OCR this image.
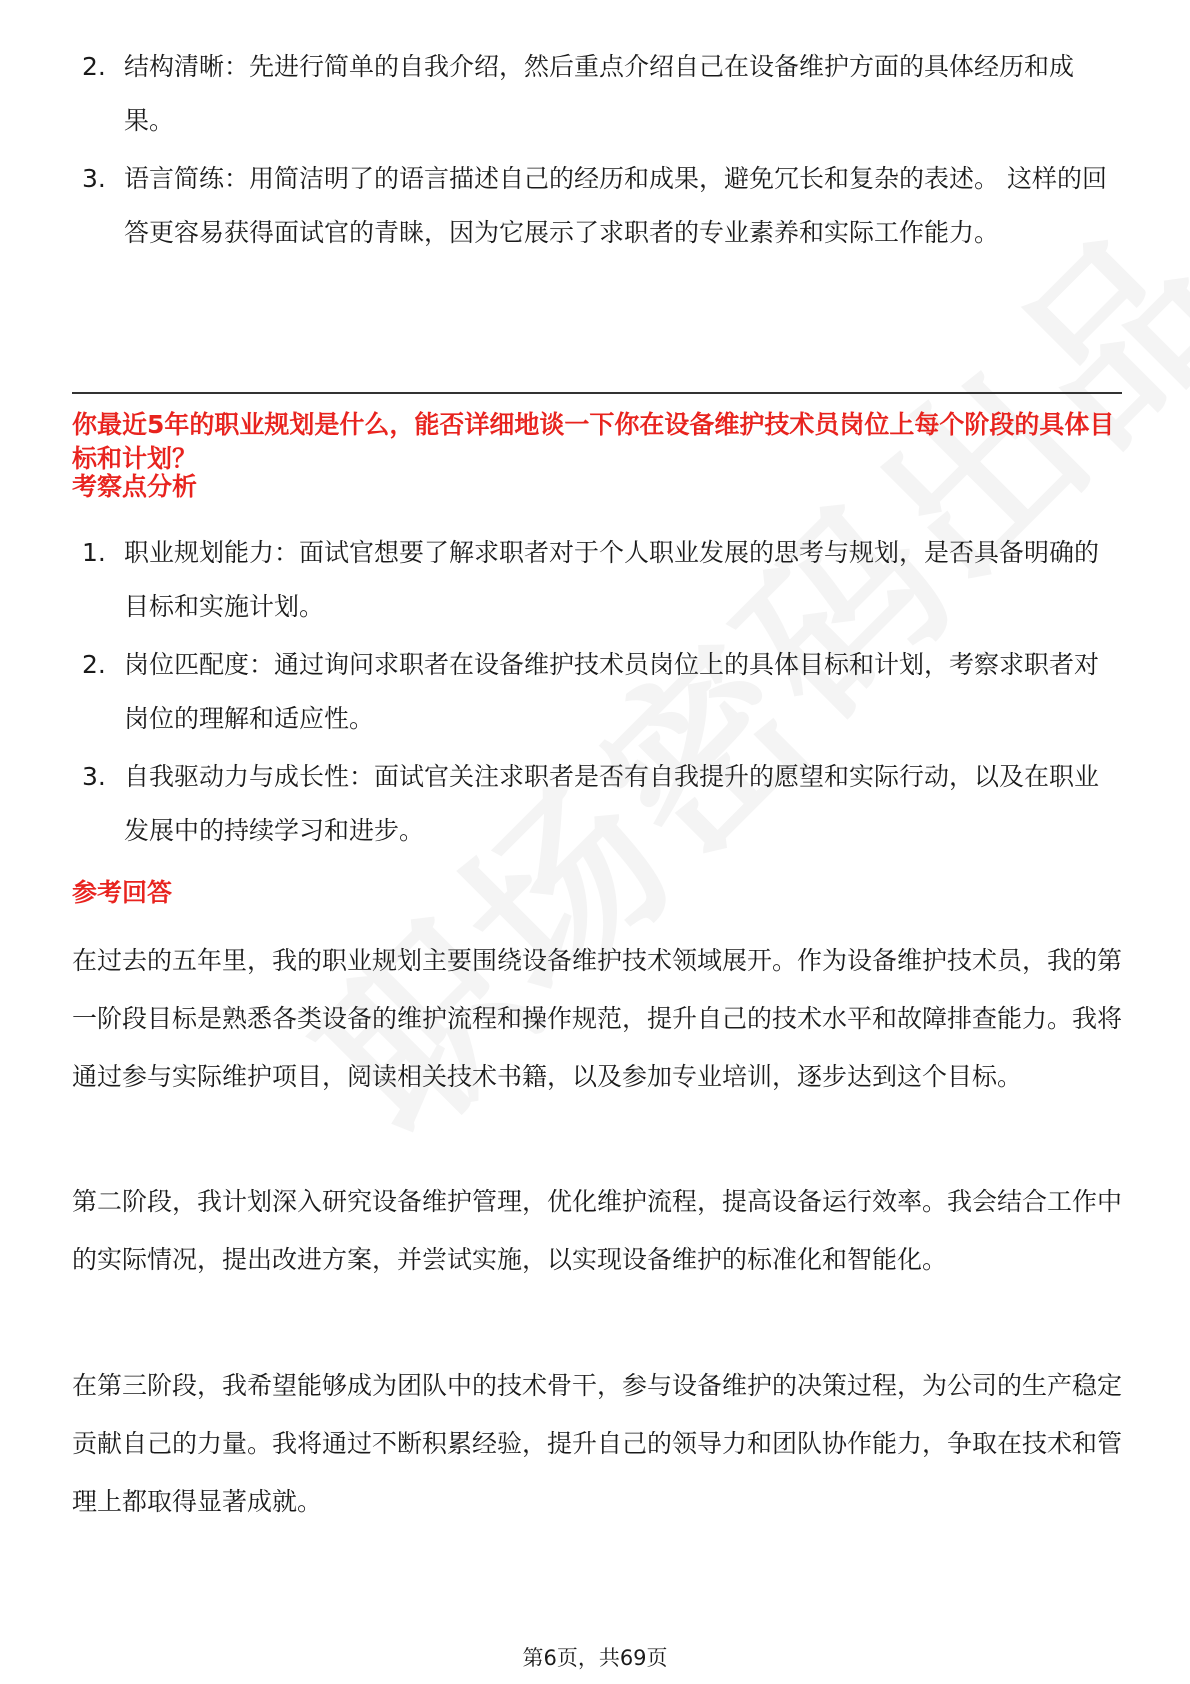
2. 结构清晰：先进行简单的自我介绍，然后重点介绍自己在设备维护方面的具体经历和成果。
3. 语言简练：用简洁明了的语言描述自己的经历和成果，避免冗长和复杂的表述。 这样的回答更容易获得面试官的青睐，因为它展示了求职者的专业素养和实际工作能力。
你最近5年的职业规划是什么，能否详细地谈一下你在设备维护技术员岗位上每个阶段的具体目标和计划？
考察点分析
1. 职业规划能力：面试官想要了解求职者对于个人职业发展的思考与规划，是否具备明确的目标和实施计划。
2. 岗位匹配度：通过询问求职者在设备维护技术员岗位上的具体目标和计划，考察求职者对岗位的理解和适应性。
3. 自我驱动力与成长性：面试官关注求职者是否有自我提升的愿望和实际行动，以及在职业发展中的持续学习和进步。
参考回答

在过去的五年里，我的职业规划主要围绕设备维护技术领域展开。作为设备维护技术员，我的第一阶段目标是熟悉各类设备的维护流程和操作规范，提升自己的技术水平和故障排查能力。我将通过参与实际维护项目，阅读相关技术书籍，以及参加专业培训，逐步达到这个目标。

第二阶段，我计划深入研究设备维护管理，优化维护流程，提高设备运行效率。我会结合工作中的实际情况，提出改进方案，并尝试实施，以实现设备维护的标准化和智能化。

在第三阶段，我希望能够成为团队中的技术骨干，参与设备维护的决策过程，为公司的生产稳定贡献自己的力量。我将通过不断积累经验，提升自己的领导力和团队协作能力，争取在技术和管理上都取得显著成就。

第6页，共69页
